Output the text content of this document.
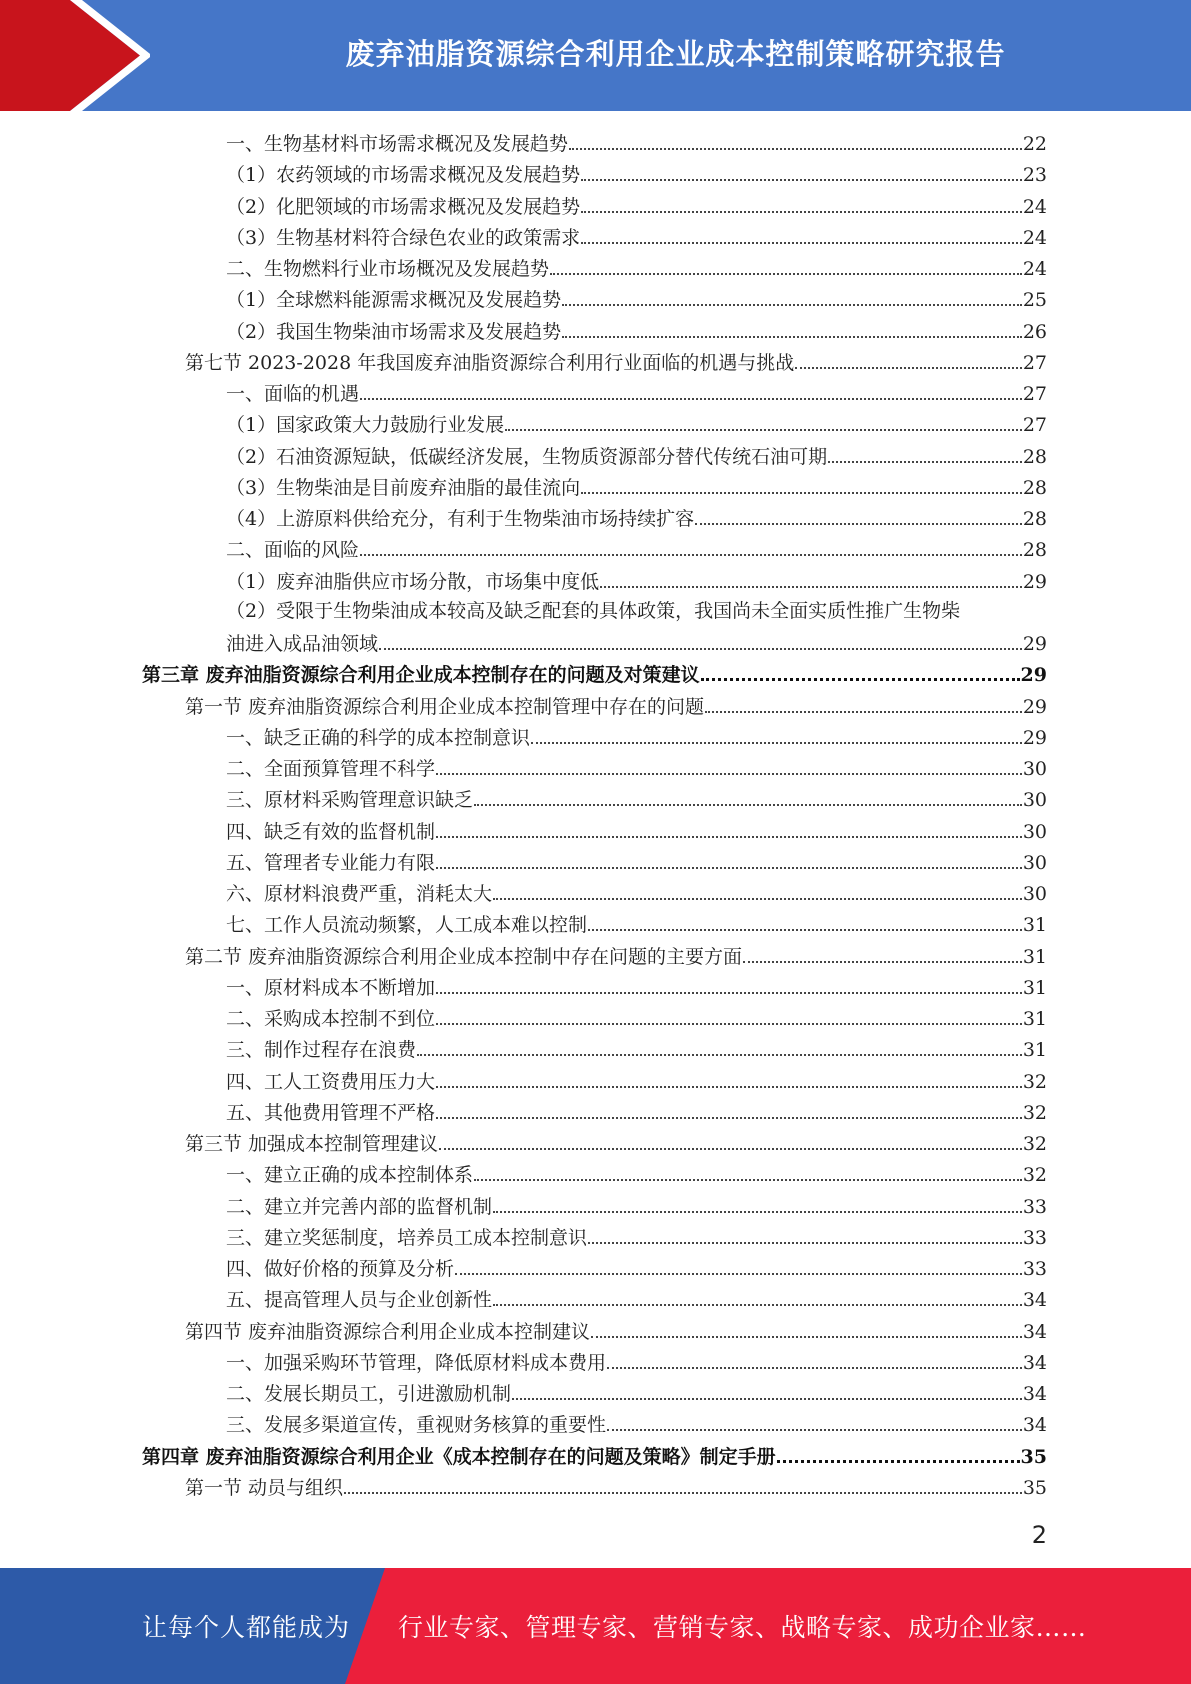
废弃油脂资源综合利用企业成本控制策略研究报告
一、生物基材料市场需求概况及发展趋势	22
（1）农药领域的市场需求概况及发展趋势	23
（2）化肥领域的市场需求概况及发展趋势	24
（3）生物基材料符合绿色农业的政策需求	24
二、生物燃料行业市场概况及发展趋势	24
（1）全球燃料能源需求概况及发展趋势	25
（2）我国生物柴油市场需求及发展趋势	26
第七节 2023-2028 年我国废弃油脂资源综合利用行业面临的机遇与挑战	27
一、面临的机遇	27
（1）国家政策大力鼓励行业发展	27
（2）石油资源短缺，低碳经济发展，生物质资源部分替代传统石油可期	28
（3）生物柴油是目前废弃油脂的最佳流向	28
（4）上游原料供给充分，有利于生物柴油市场持续扩容	28
二、面临的风险	28
（1）废弃油脂供应市场分散，市场集中度低	29
（2）受限于生物柴油成本较高及缺乏配套的具体政策，我国尚未全面实质性推广生物柴
油进入成品油领域	29
第三章 废弃油脂资源综合利用企业成本控制存在的问题及对策建议	29
第一节 废弃油脂资源综合利用企业成本控制管理中存在的问题	29
一、缺乏正确的科学的成本控制意识	29
二、全面预算管理不科学	30
三、原材料采购管理意识缺乏	30
四、缺乏有效的监督机制	30
五、管理者专业能力有限	30
六、原材料浪费严重，消耗太大	30
七、工作人员流动频繁，人工成本难以控制	31
第二节 废弃油脂资源综合利用企业成本控制中存在问题的主要方面	31
一、原材料成本不断增加	31
二、采购成本控制不到位	31
三、制作过程存在浪费	31
四、工人工资费用压力大	32
五、其他费用管理不严格	32
第三节 加强成本控制管理建议	32
一、建立正确的成本控制体系	32
二、建立并完善内部的监督机制	33
三、建立奖惩制度，培养员工成本控制意识	33
四、做好价格的预算及分析	33
五、提高管理人员与企业创新性	34
第四节 废弃油脂资源综合利用企业成本控制建议	34
一、加强采购环节管理，降低原材料成本费用	34
二、发展长期员工，引进激励机制	34
三、发展多渠道宣传，重视财务核算的重要性	34
第四章 废弃油脂资源综合利用企业《成本控制存在的问题及策略》制定手册	35
第一节 动员与组织	35
2
让每个人都能成为 行业专家、管理专家、营销专家、战略专家、成功企业家……
